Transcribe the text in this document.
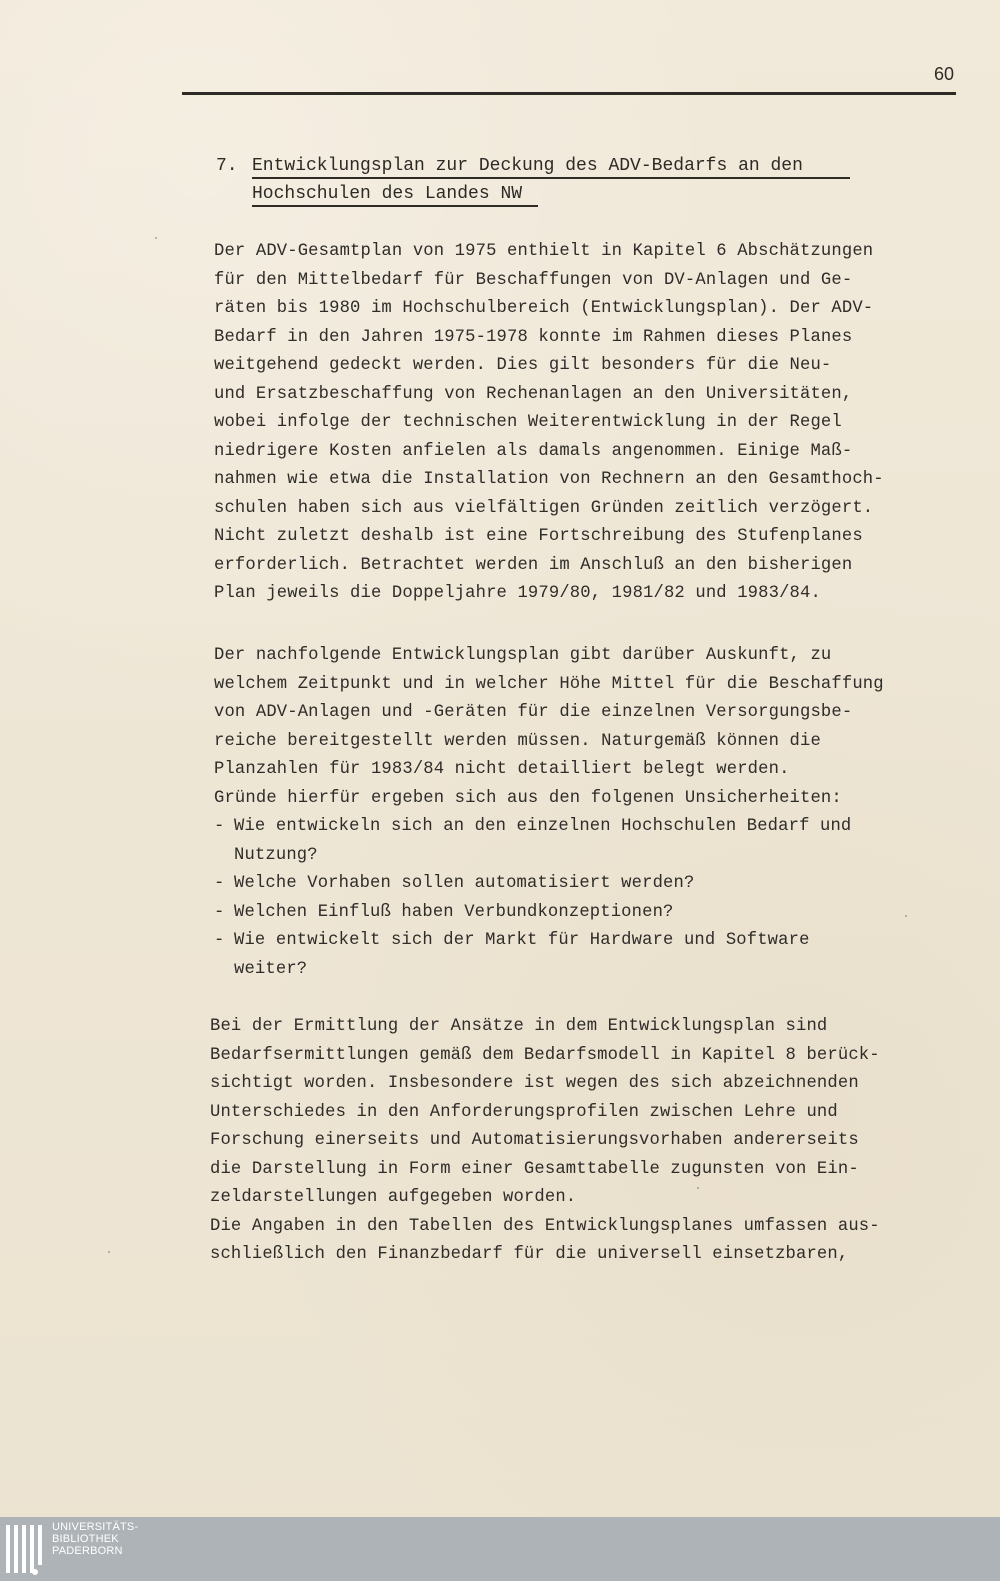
60
7. Entwicklungsplan zur Deckung des ADV-Bedarfs an den
Hochschulen des Landes NW
Der ADV-Gesamtplan von 1975 enthielt in Kapitel 6 Abschätzungen
für den Mittelbedarf für Beschaffungen von DV-Anlagen und Ge-
räten bis 1980 im Hochschulbereich (Entwicklungsplan). Der ADV-
Bedarf in den Jahren 1975-1978 konnte im Rahmen dieses Planes
weitgehend gedeckt werden. Dies gilt besonders für die Neu-
und Ersatzbeschaffung von Rechenanlagen an den Universitäten,
wobei infolge der technischen Weiterentwicklung in der Regel
niedrigere Kosten anfielen als damals angenommen. Einige Maß-
nahmen wie etwa die Installation von Rechnern an den Gesamthoch-
schulen haben sich aus vielfältigen Gründen zeitlich verzögert.
Nicht zuletzt deshalb ist eine Fortschreibung des Stufenplanes
erforderlich. Betrachtet werden im Anschluß an den bisherigen
Plan jeweils die Doppeljahre 1979/80, 1981/82 und 1983/84.
Der nachfolgende Entwicklungsplan gibt darüber Auskunft, zu
welchem Zeitpunkt und in welcher Höhe Mittel für die Beschaffung
von ADV-Anlagen und -Geräten für die einzelnen Versorgungsbe-
reiche bereitgestellt werden müssen. Naturgemäß können die
Planzahlen für 1983/84 nicht detailliert belegt werden.
Gründe hierfür ergeben sich aus den folgenen Unsicherheiten:
- Wie entwickeln sich an den einzelnen Hochschulen Bedarf und
Nutzung?
- Welche Vorhaben sollen automatisiert werden?
- Welchen Einfluß haben Verbundkonzeptionen?
- Wie entwickelt sich der Markt für Hardware und Software
weiter?
Bei der Ermittlung der Ansätze in dem Entwicklungsplan sind
Bedarfsermittlungen gemäß dem Bedarfsmodell in Kapitel 8 berück-
sichtigt worden. Insbesondere ist wegen des sich abzeichnenden
Unterschiedes in den Anforderungsprofilen zwischen Lehre und
Forschung einerseits und Automatisierungsvorhaben andererseits
die Darstellung in Form einer Gesamttabelle zugunsten von Ein-
zeldarstellungen aufgegeben worden.
Die Angaben in den Tabellen des Entwicklungsplanes umfassen aus-
schließlich den Finanzbedarf für die universell einsetzbaren,
UNIVERSITÄTS-
BIBLIOTHEK
PADERBORN
